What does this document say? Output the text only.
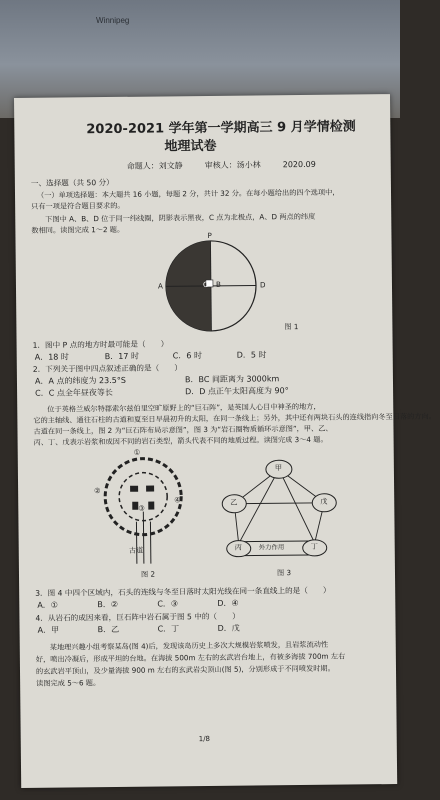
Winnipeg
2020-2021 学年第一学期高三 9 月学情检测
地理试卷
命题人：刘文静	审核人：汤小林	2020.09
一、选择题（共 50 分）
（一）单项选择题：本大题共 16 小题，每题 2 分，共计 32 分。在每小题给出的四个选项中，
只有一项是符合题目要求的。
下图中 A、B、D 位于同一纬线圈，阴影表示黑夜，C 点为北极点，A、D 两点的纬度
数相同。读图完成 1～2 题。
P
A	C B	D
图 1
1．图中 P 点的地方时最可能是（　　）
A．18 时	B．17 时	C．6 时	D．5 时
2．下列关于图中四点叙述正确的是（　　）
A．A 点的纬度为 23.5°S	B．BC 间距离为 3000km
C．C 点全年昼夜等长	D．D 点正午太阳高度为 90°
位于英格兰威尔特郡索尔兹伯里空旷原野上的“巨石阵”，是英国人心目中神圣的地方，
它的主轴线、通往石柱的古道和夏至日早晨初升的太阳，在同一条线上；另外，其中还有两块石头的连线指向冬至日落的方向。
古道在同一条线上，图 2 为“巨石阵布局示意图”，图 3 为“岩石圈物质循环示意图”，甲、乙、
丙、丁、戊表示岩浆和成因不同的岩石类型，箭头代表不同的地质过程。读图完成 3～4 题。
①
②
③
④
古道
图 2
甲
乙	戊
丙	丁
外力作用
图 3
3．图 4 中四个区域内，石头的连线与冬至日落时太阳光线在同一条直线上的是（　　）
A．①	B．②	C．③	D．④
4．从岩石的成因来看，巨石阵中岩石属于图 5 中的（　　）
A．甲	B．乙	C．丁	D．戊
某地理兴趣小组考察某岛(图 4)后，发现该岛历史上多次大规模岩浆喷发，且岩浆流动性
好，喷出冷凝后，形成平坦的台地。在海拔 500m 左右的玄武岩台地上，有被多海拔 700m 左右
的玄武岩平顶山，及少量海拔 900 m 左右的玄武岩尖顶山(图 5)，分别形成于不同喷发时期。
读图完成 5～6 题。
1/8
